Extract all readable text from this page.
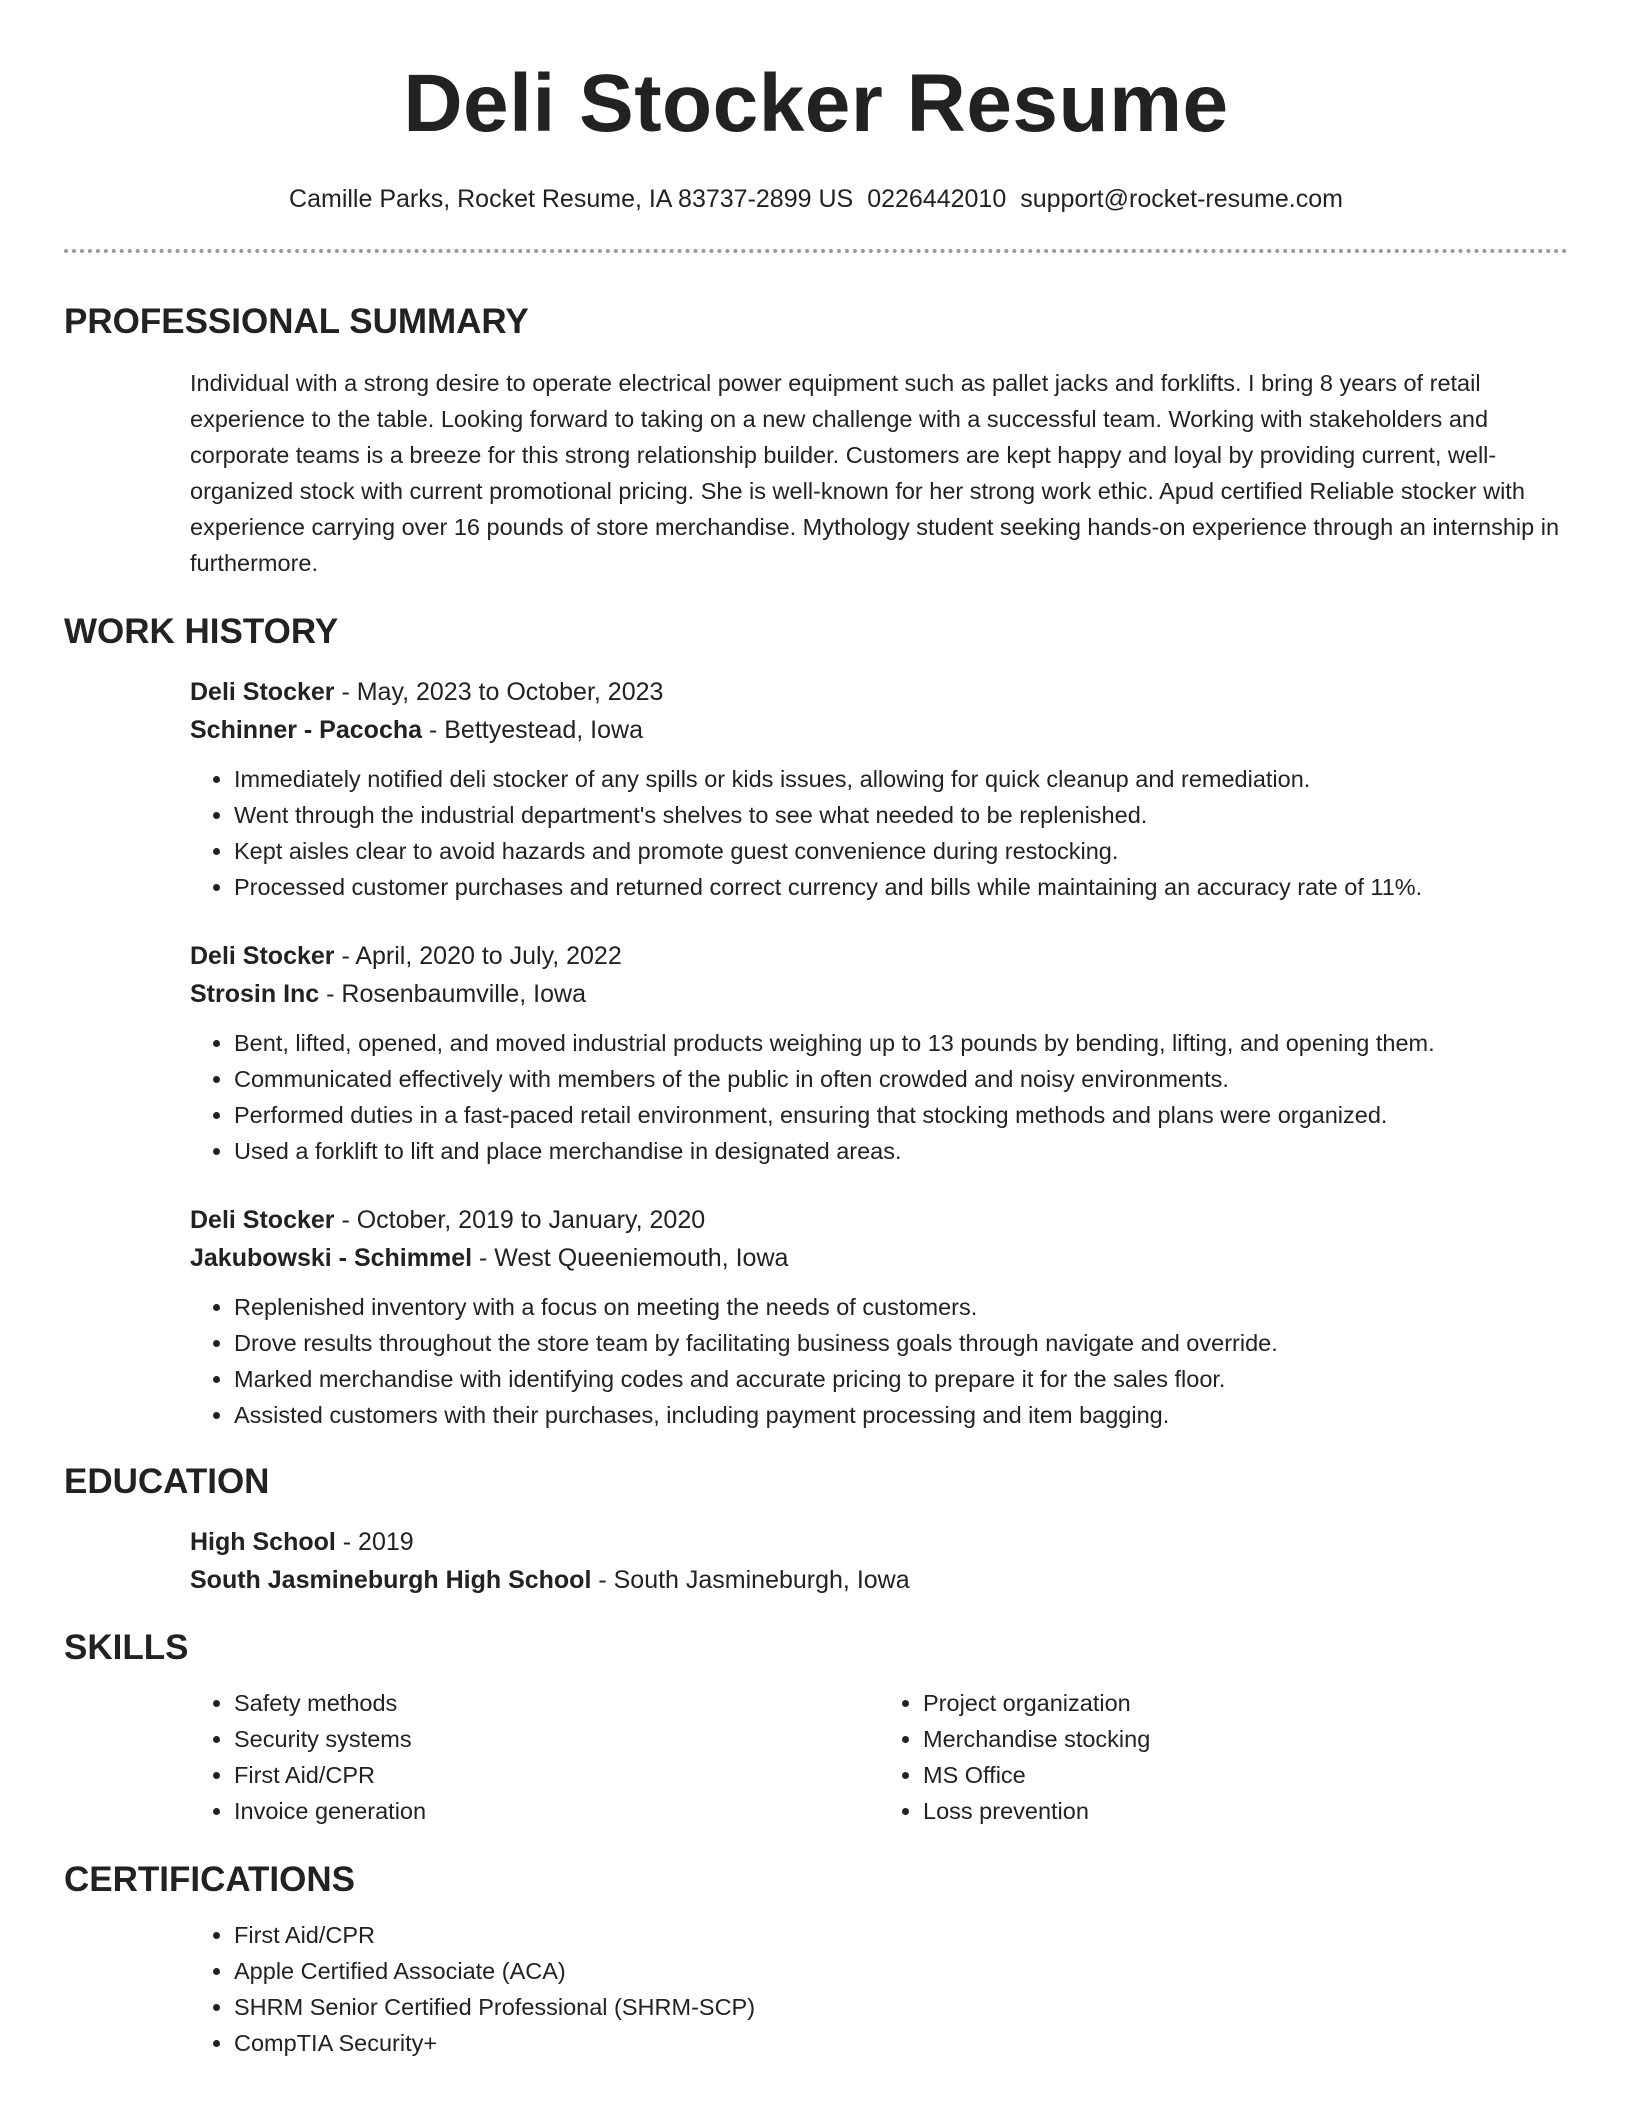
Deli Stocker Resume
Camille Parks, Rocket Resume, IA 83737-2899 US 0226442010 support@rocket-resume.com
PROFESSIONAL SUMMARY

Individual with a strong desire to operate electrical power equipment such as pallet jacks and forklifts. I bring 8 years of retail experience to the table. Looking forward to taking on a new challenge with a successful team. Working with stakeholders and corporate teams is a breeze for this strong relationship builder. Customers are kept happy and loyal by providing current, well-organized stock with current promotional pricing. She is well-known for her strong work ethic. Apud certified Reliable stocker with experience carrying over 16 pounds of store merchandise. Mythology student seeking hands-on experience through an internship in furthermore.

WORK HISTORY
Deli Stocker - May, 2023 to October, 2023
Schinner - Pacocha - Bettyestead, Iowa
• Immediately notified deli stocker of any spills or kids issues, allowing for quick cleanup and remediation.
• Went through the industrial department's shelves to see what needed to be replenished.
• Kept aisles clear to avoid hazards and promote guest convenience during restocking.
• Processed customer purchases and returned correct currency and bills while maintaining an accuracy rate of 11%.
Deli Stocker - April, 2020 to July, 2022
Strosin Inc - Rosenbaumville, Iowa
• Bent, lifted, opened, and moved industrial products weighing up to 13 pounds by bending, lifting, and opening them.
• Communicated effectively with members of the public in often crowded and noisy environments.
• Performed duties in a fast-paced retail environment, ensuring that stocking methods and plans were organized.
• Used a forklift to lift and place merchandise in designated areas.
Deli Stocker - October, 2019 to January, 2020
Jakubowski - Schimmel - West Queeniemouth, Iowa
• Replenished inventory with a focus on meeting the needs of customers.
• Drove results throughout the store team by facilitating business goals through navigate and override.
• Marked merchandise with identifying codes and accurate pricing to prepare it for the sales floor.
• Assisted customers with their purchases, including payment processing and item bagging.
EDUCATION
High School - 2019
South Jasmineburgh High School - South Jasmineburgh, Iowa
SKILLS
• Safety methods
• Security systems
• First Aid/CPR
• Invoice generation
• Project organization
• Merchandise stocking
• MS Office
• Loss prevention
CERTIFICATIONS
• First Aid/CPR
• Apple Certified Associate (ACA)
• SHRM Senior Certified Professional (SHRM-SCP)
• CompTIA Security+
